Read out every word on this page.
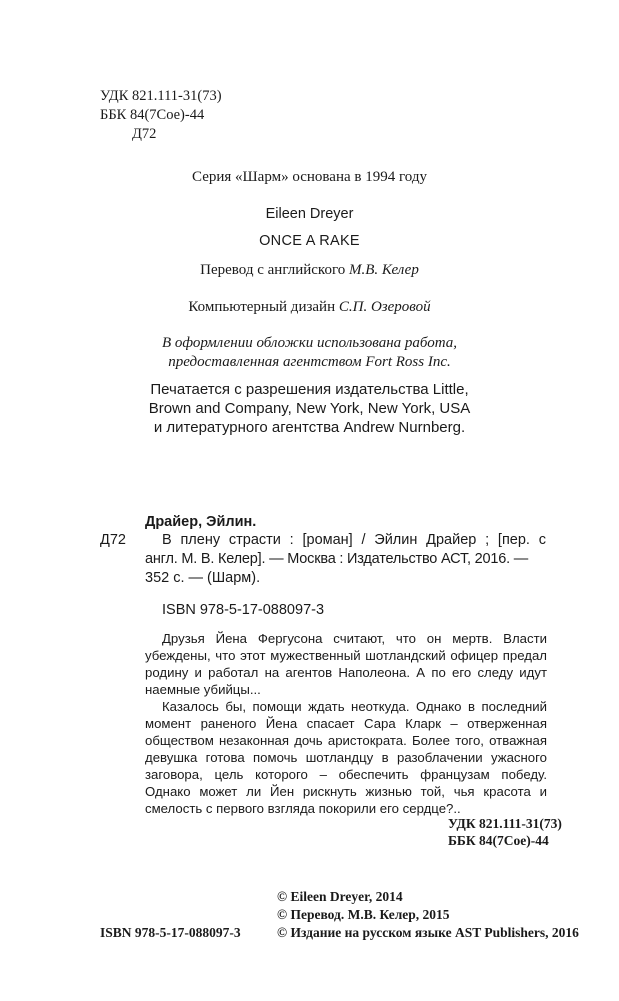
УДК 821.111-31(73)
ББК 84(7Сое)-44
Д72
Серия «Шарм» основана в 1994 году
Eileen Dreyer
ONCE A RAKE
Перевод с английского М.В. Келер
Компьютерный дизайн С.П. Озеровой
В оформлении обложки использована работа,
предоставленная агентством Fort Ross Inc.
Печатается с разрешения издательства Little,
Brown and Company, New York, New York, USA
и литературного агентства Andrew Nurnberg.
Драйер, Эйлин.
Д72 В плену страсти : [роман] / Эйлин Драйер ; [пер. с
англ. М. В. Келер]. — Москва : Издательство АСТ, 2016. —
352 с. — (Шарм).
ISBN 978-5-17-088097-3
Друзья Йена Фергусона считают, что он мертв. Власти убеждены, что этот мужественный шотландский офицер предал родину и работал на агентов Наполеона. А по его следу идут наемные убийцы...
Казалось бы, помощи ждать неоткуда. Однако в последний момент раненого Йена спасает Сара Кларк – отверженная обществом незаконная дочь аристократа. Более того, отважная девушка готова помочь шотландцу в разоблачении ужасного заговора, цель которого – обеспечить французам победу. Однако может ли Йен рискнуть жизнью той, чья красота и смелость с первого взгляда покорили его сердце?..
УДК 821.111-31(73)
ББК 84(7Сое)-44
© Eileen Dreyer, 2014
© Перевод. М.В. Келер, 2015
ISBN 978-5-17-088097-3	© Издание на русском языке AST Publishers, 2016
